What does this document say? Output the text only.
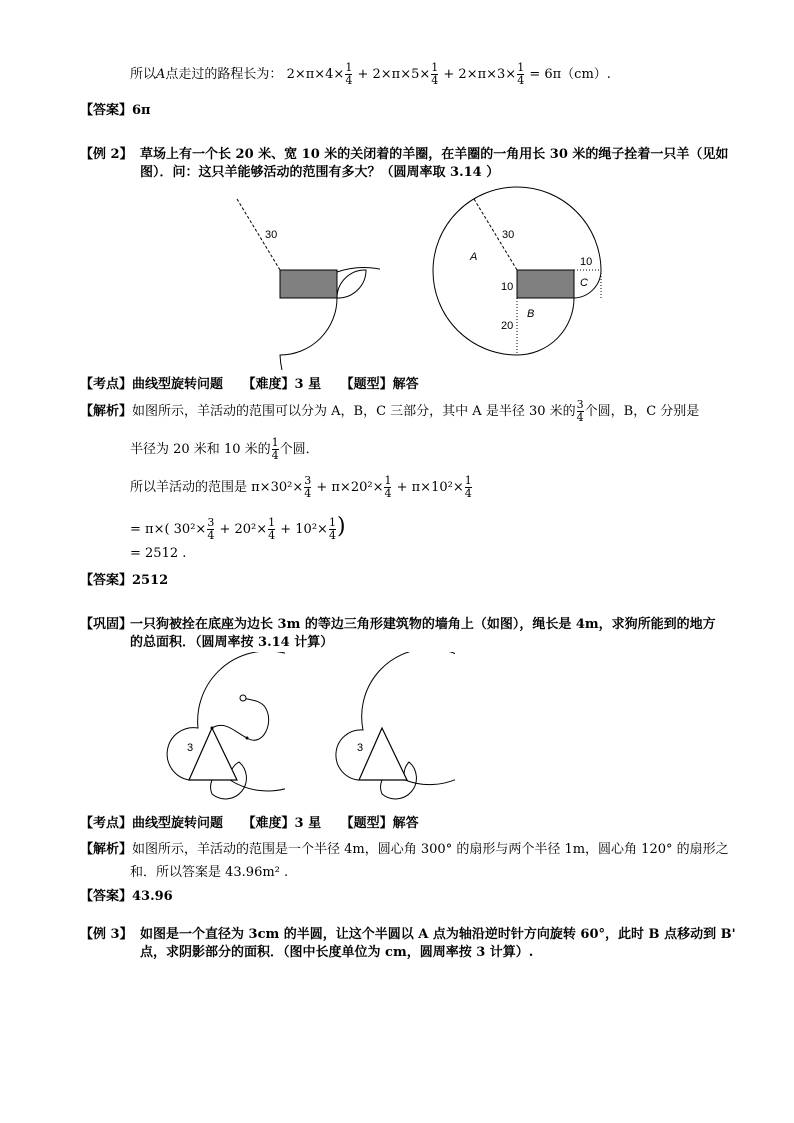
所以A点走过的路程长为： $2\times\pi\times 4\times \frac{1}{4} + 2\times\pi\times 5\times \frac{1}{4} + 2\times\pi\times 3\times \frac{1}{4} = 6\pi(cm)$.
【答案】6π
【例 2】 草场上有一个长 20 米、宽 10 米的关闭着的羊圈，在羊圈的一角用长 30 米的绳子拴着一只羊（见如
图）．问：这只羊能够活动的范围有多大？（圆周率取 3.14 ）
30	30
A
B
C
10
10
20
【考点】曲线型旋转问题　　【难度】3 星　　【题型】解答
【解析】如图所示，羊活动的范围可以分为 A，B，C 三部分，其中 A 是半径 30 米的 $\frac{3}{4}$ 个圆，B，C 分别是
半径为 20 米和 10 米的 $\frac{1}{4}$ 个圆．
所以羊活动的范围是 $\pi\times 30^2\times \frac{3}{4} + \pi\times 20^2\times \frac{1}{4} + \pi\times 10^2\times \frac{1}{4}$
= π×( $30^2\times \frac{3}{4} + 20^2\times \frac{1}{4} + 10^2\times \frac{1}{4}$ )
= 2512 .
【答案】2512
【巩固】
一只狗被拴在底座为边长 3m 的等边三角形建筑物的墙角上（如图），绳长是 4m，求狗所能到的地方
的总面积．（圆周率按 3.14 计算）
3	3
【考点】曲线型旋转问题　　【难度】3 星　　【题型】解答
【解析】如图所示，羊活动的范围是一个半径 4m，圆心角 300° 的扇形与两个半径 1m，圆心角 120° 的扇形之
和．所以答案是 43.96m² .
【答案】43.96
【例 3】 如图是一个直径为 3cm 的半圆，让这个半圆以 A 点为轴沿逆时针方向旋转 60°，此时 B 点移动到 B'
点，求阴影部分的面积．（图中长度单位为 cm，圆周率按 3 计算）.
